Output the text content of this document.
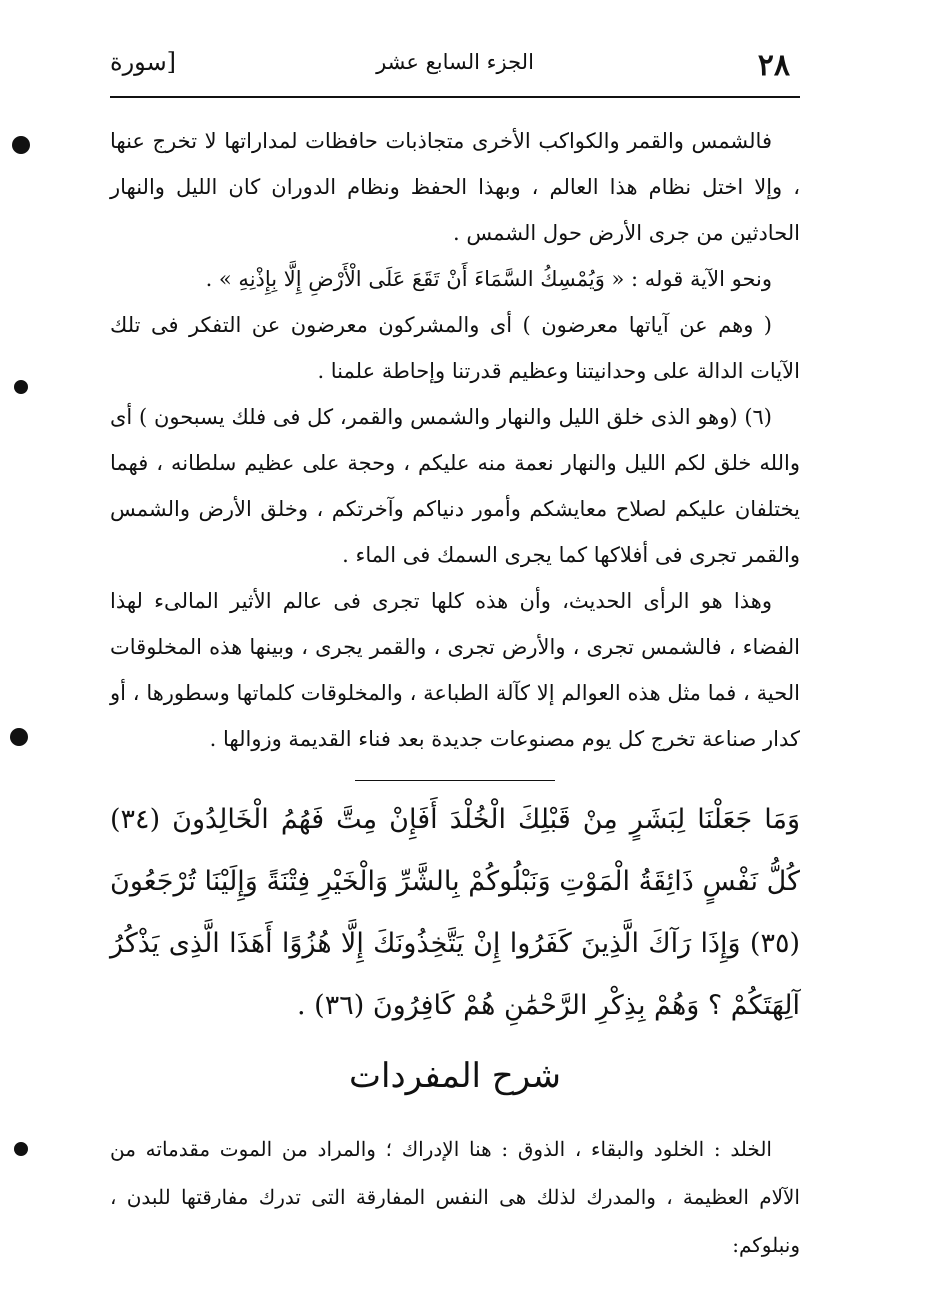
٢٨
الجزء السابع عشر
[سورة

فالشمس والقمر والكواكب الأخرى متجاذبات حافظات لمداراتها لا تخرج عنها ، وإلا اختل نظام هذا العالم ، وبهذا الحفظ ونظام الدوران كان الليل والنهار الحادثين من جرى الأرض حول الشمس .

ونحو الآية قوله : « وَيُمْسِكُ السَّمَاءَ أَنْ تَقَعَ عَلَى الْأَرْضِ إِلَّا بِإِذْنِهِ » .

( وهم عن آياتها معرضون ) أى والمشركون معرضون عن التفكر فى تلك الآيات الدالة على وحدانيتنا وعظيم قدرتنا وإحاطة علمنا .

(٦) (وهو الذى خلق الليل والنهار والشمس والقمر، كل فى فلك يسبحون ) أى والله خلق لكم الليل والنهار نعمة منه عليكم ، وحجة على عظيم سلطانه ، فهما يختلفان عليكم لصلاح معايشكم وأمور دنياكم وآخرتكم ، وخلق الأرض والشمس والقمر تجرى فى أفلاكها كما يجرى السمك فى الماء .

وهذا هو الرأى الحديث، وأن هذه كلها تجرى فى عالم الأثير المالىء لهذا الفضاء ، فالشمس تجرى ، والأرض تجرى ، والقمر يجرى ، وبينها هذه المخلوقات الحية ، فما مثل هذه العوالم إلا كآلة الطباعة ، والمخلوقات كلماتها وسطورها ، أو كدار صناعة تخرج كل يوم مصنوعات جديدة بعد فناء القديمة وزوالها .

وَمَا جَعَلْنَا لِبَشَرٍ مِنْ قَبْلِكَ الْخُلْدَ أَفَإِنْ مِتَّ فَهُمُ الْخَالِدُونَ (٣٤) كُلُّ نَفْسٍ ذَائِقَةُ الْمَوْتِ وَنَبْلُوكُمْ بِالشَّرِّ وَالْخَيْرِ فِتْنَةً وَإِلَيْنَا تُرْجَعُونَ (٣٥) وَإِذَا رَآكَ الَّذِينَ كَفَرُوا إِنْ يَتَّخِذُونَكَ إِلَّا هُزُوًا أَهَذَا الَّذِى يَذْكُرُ آلِهَتَكُمْ ؟ وَهُمْ بِذِكْرِ الرَّحْمَٰنِ هُمْ كَافِرُونَ (٣٦) .

شرح المفردات

الخلد : الخلود والبقاء ، الذوق : هنا الإدراك ؛ والمراد من الموت مقدماته من الآلام العظيمة ، والمدرك لذلك هى النفس المفارقة التى تدرك مفارقتها للبدن ، ونبلوكم:
